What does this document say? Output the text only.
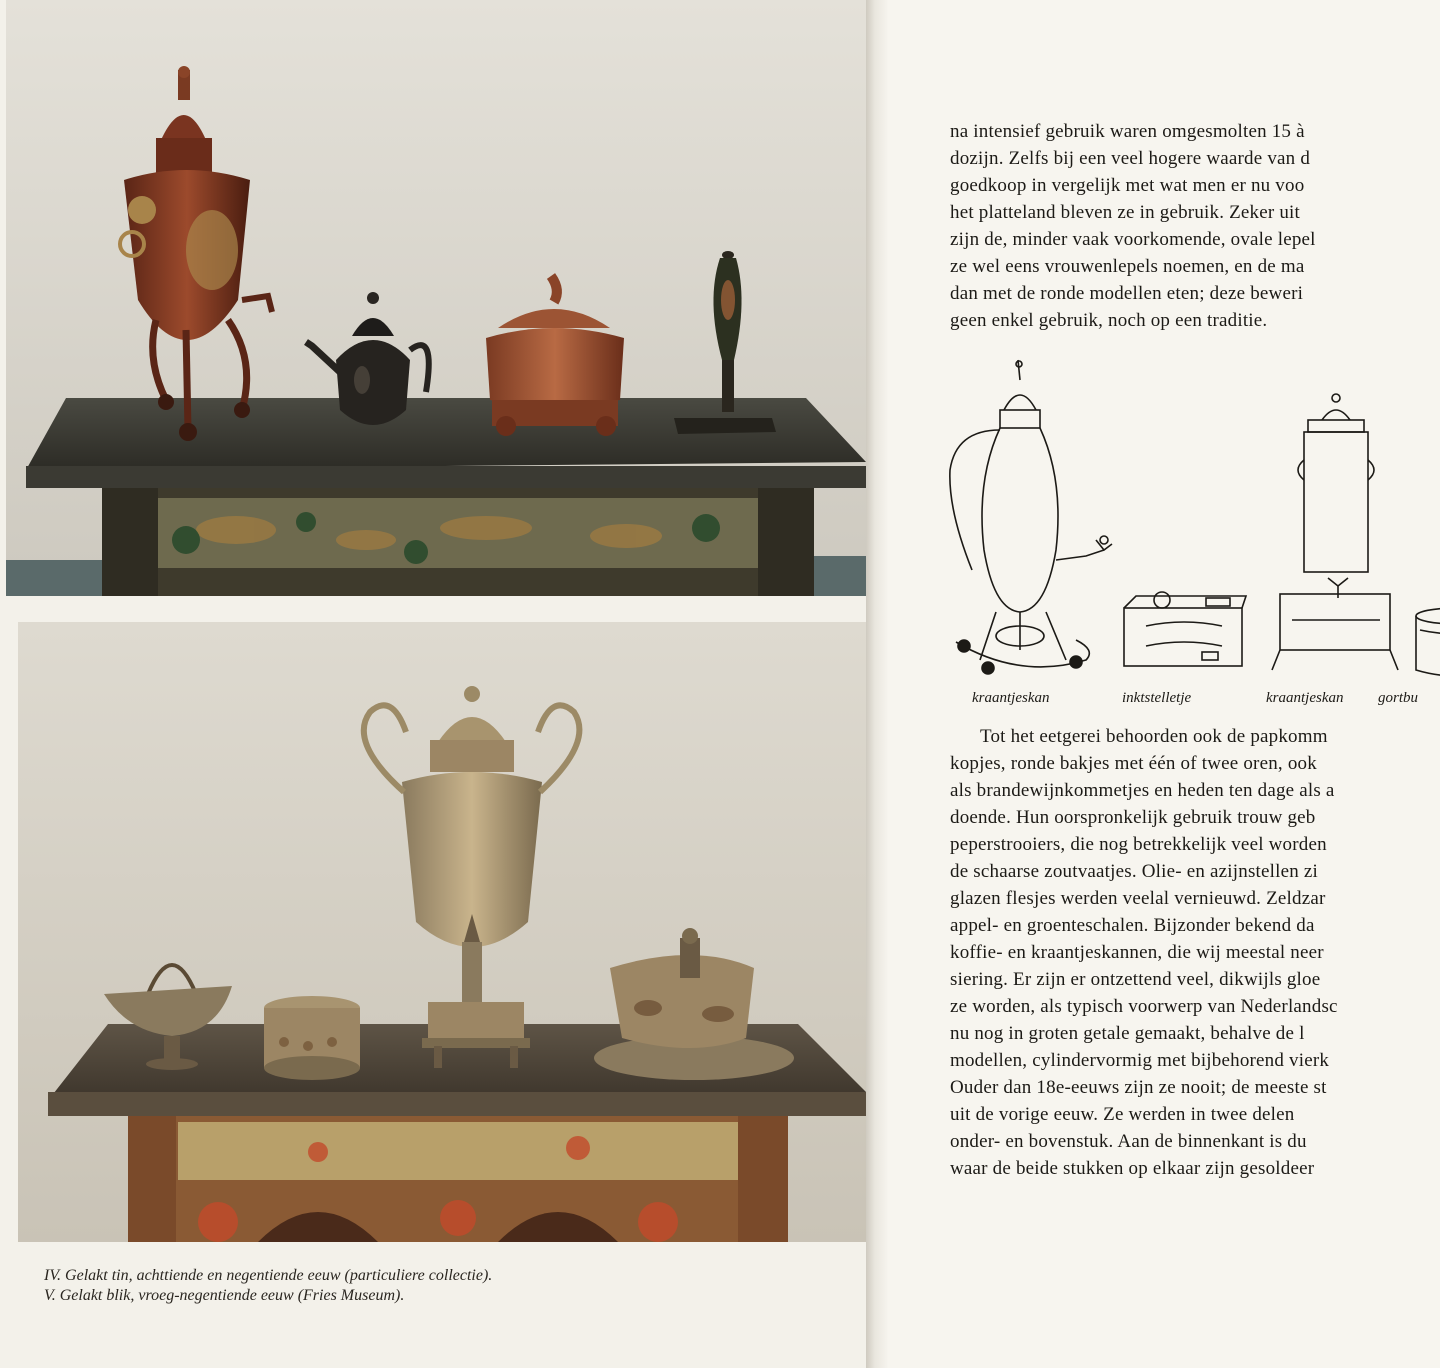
IV. Gelakt tin, achttiende en negentiende eeuw (particuliere collectie).
V. Gelakt blik, vroeg-negentiende eeuw (Fries Museum).
na intensief gebruik waren omgesmolten 15 à
dozijn. Zelfs bij een veel hogere waarde van d
goedkoop in vergelijk met wat men er nu voo
het platteland bleven ze in gebruik. Zeker uit
zijn de, minder vaak voorkomende, ovale lepel
ze wel eens vrouwenlepels noemen, en de ma
dan met de ronde modellen eten; deze beweri
geen enkel gebruik, noch op een traditie.
kraantjeskan	inktstelletje	kraantjeskan gortbu
Tot het eetgerei behoorden ook de papkomm
kopjes, ronde bakjes met één of twee oren, ook
als brandewijnkommetjes en heden ten dage als a
doende. Hun oorspronkelijk gebruik trouw geb
peperstrooiers, die nog betrekkelijk veel worden
de schaarse zoutvaatjes. Olie- en azijnstellen zi
glazen flesjes werden veelal vernieuwd. Zeldzar
appel- en groenteschalen. Bijzonder bekend da
koffie- en kraantjeskannen, die wij meestal neer
siering. Er zijn er ontzettend veel, dikwijls gloe
ze worden, als typisch voorwerp van Nederlandsc
nu nog in groten getale gemaakt, behalve de l
modellen, cylindervormig met bijbehorend vierk
Ouder dan 18e-eeuws zijn ze nooit; de meeste st
uit de vorige eeuw. Ze werden in twee delen
onder- en bovenstuk. Aan de binnenkant is du
waar de beide stukken op elkaar zijn gesoldeer
